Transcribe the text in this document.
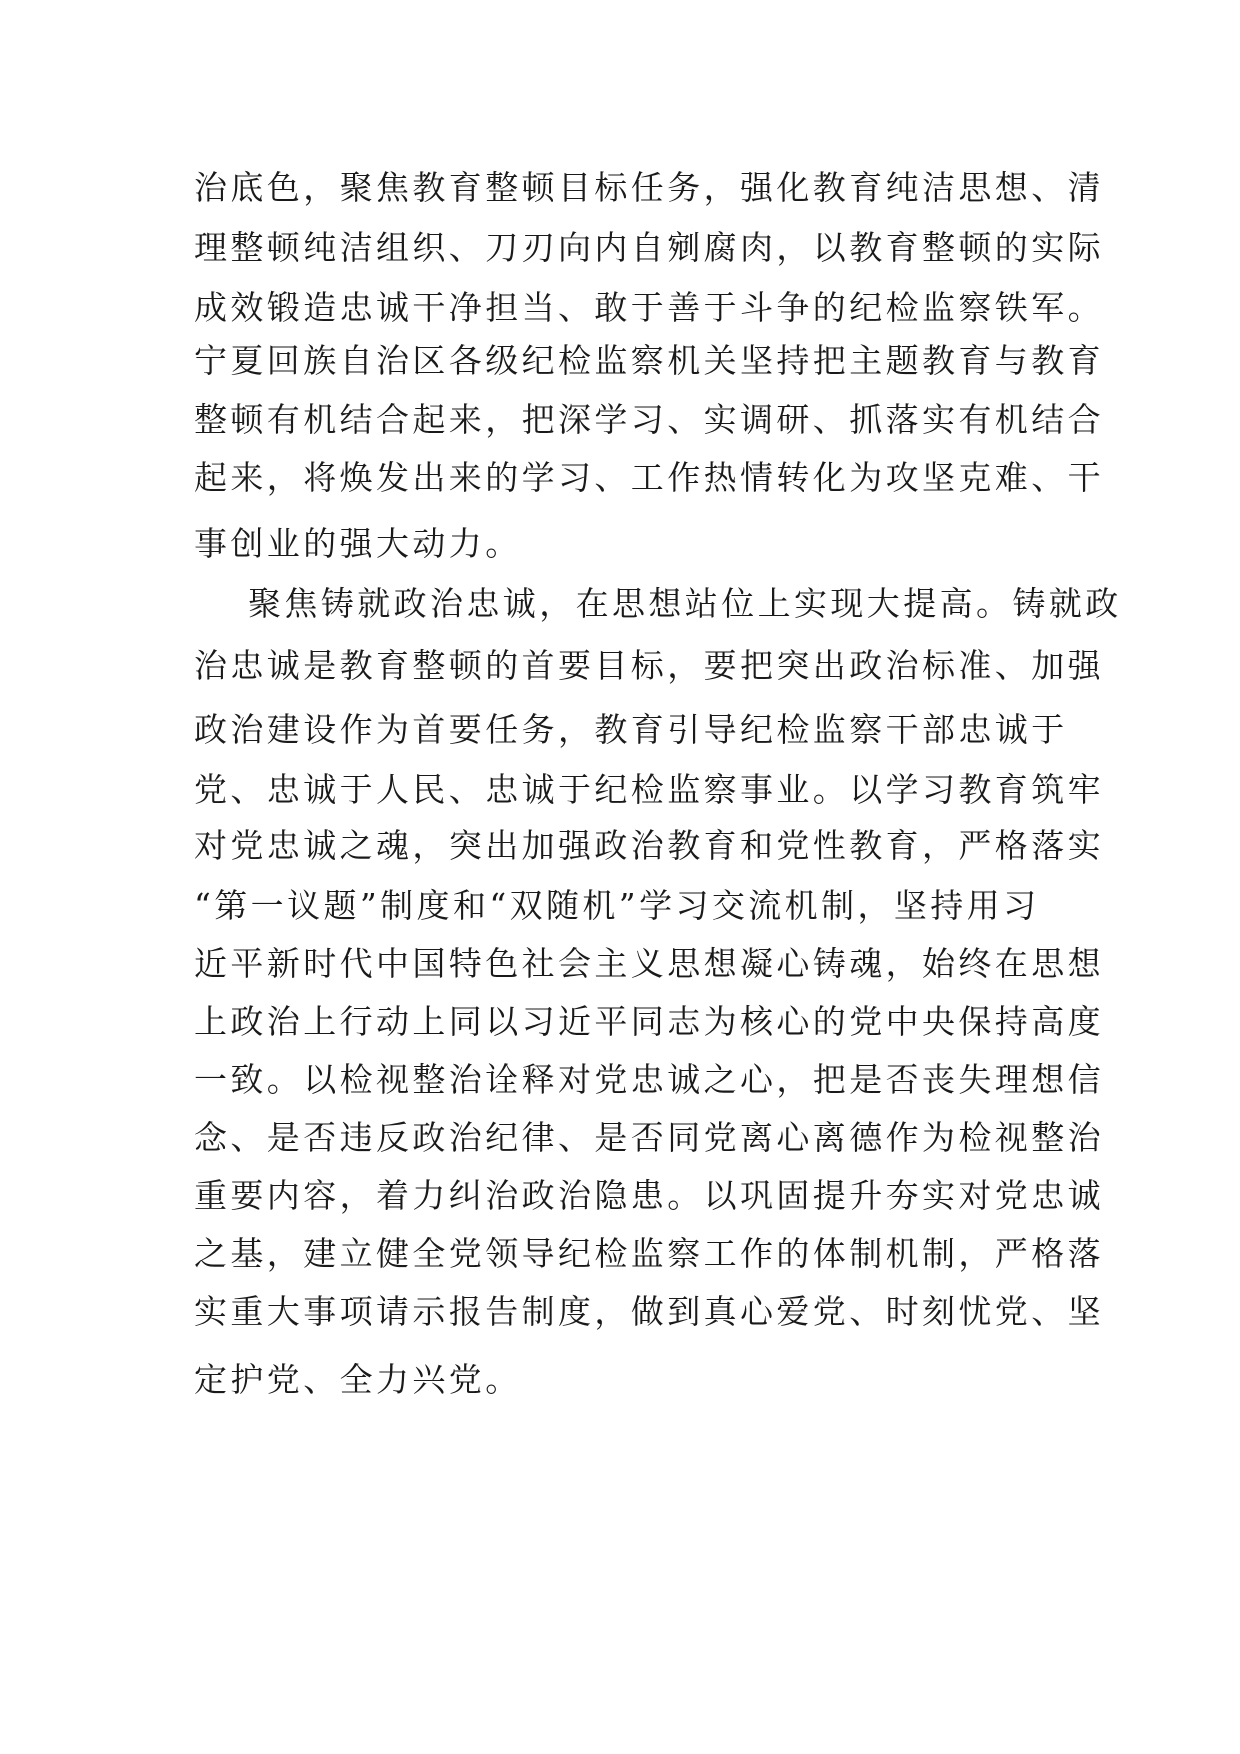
治底色，聚焦教育整顿目标任务，强化教育纯洁思想、清
理整顿纯洁组织、刀刃向内自剜腐肉，以教育整顿的实际
成效锻造忠诚干净担当、敢于善于斗争的纪检监察铁军。
宁夏回族自治区各级纪检监察机关坚持把主题教育与教育
整顿有机结合起来，把深学习、实调研、抓落实有机结合
起来，将焕发出来的学习、工作热情转化为攻坚克难、干
事创业的强大动力。
聚焦铸就政治忠诚，在思想站位上实现大提高。铸就政
治忠诚是教育整顿的首要目标，要把突出政治标准、加强
政治建设作为首要任务，教育引导纪检监察干部忠诚于
党、忠诚于人民、忠诚于纪检监察事业。以学习教育筑牢
对党忠诚之魂，突出加强政治教育和党性教育，严格落实
“第一议题”制度和“双随机”学习交流机制，坚持用习
近平新时代中国特色社会主义思想凝心铸魂，始终在思想
上政治上行动上同以习近平同志为核心的党中央保持高度
一致。以检视整治诠释对党忠诚之心，把是否丧失理想信
念、是否违反政治纪律、是否同党离心离德作为检视整治
重要内容，着力纠治政治隐患。以巩固提升夯实对党忠诚
之基，建立健全党领导纪检监察工作的体制机制，严格落
实重大事项请示报告制度，做到真心爱党、时刻忧党、坚
定护党、全力兴党。
